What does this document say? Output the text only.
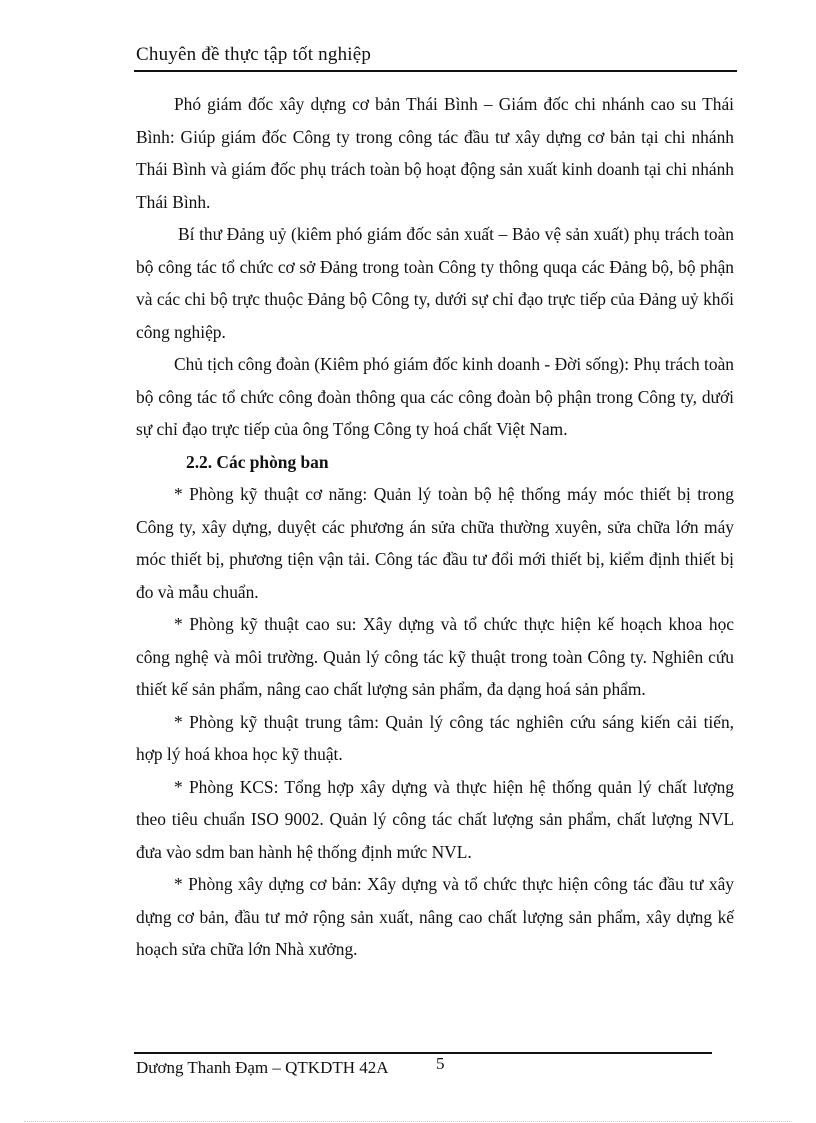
Chuyên đề thực tập tốt nghiệp

Phó giám đốc xây dựng cơ bản Thái Bình – Giám đốc chi nhánh cao su Thái Bình: Giúp giám đốc Công ty trong công tác đầu tư xây dựng cơ bản tại chi nhánh Thái Bình và giám đốc phụ trách toàn bộ hoạt động sản xuất kinh doanh tại chi nhánh Thái Bình.

Bí thư Đảng uỷ (kiêm phó giám đốc sản xuất – Bảo vệ sản xuất) phụ trách toàn bộ công tác tổ chức cơ sở Đảng trong toàn Công ty thông quqa các Đảng bộ, bộ phận và các chi bộ trực thuộc Đảng bộ Công ty, dưới sự chỉ đạo trực tiếp của Đảng uỷ khối công nghiệp.

Chủ tịch công đoàn (Kiêm phó giám đốc kinh doanh - Đời sống): Phụ trách toàn bộ công tác tổ chức công đoàn thông qua các công đoàn bộ phận trong Công ty, dưới sự chỉ đạo trực tiếp của ông Tổng Công ty hoá chất Việt Nam.

2.2. Các phòng ban

* Phòng kỹ thuật cơ năng: Quản lý toàn bộ hệ thống máy móc thiết bị trong Công ty, xây dựng, duyệt các phương án sửa chữa thường xuyên, sửa chữa lớn máy móc thiết bị, phương tiện vận tải. Công tác đầu tư đổi mới thiết bị, kiểm định thiết bị đo và mẫu chuẩn.

* Phòng kỹ thuật cao su: Xây dựng và tổ chức thực hiện kế hoạch khoa học công nghệ và môi trường. Quản lý công tác kỹ thuật trong toàn Công ty. Nghiên cứu thiết kế sản phẩm, nâng cao chất lượng sản phẩm, đa dạng hoá sản phẩm.

* Phòng kỹ thuật trung tâm: Quản lý công tác nghiên cứu sáng kiến cải tiến, hợp lý hoá khoa học kỹ thuật.

* Phòng KCS: Tổng hợp xây dựng và thực hiện hệ thống quản lý chất lượng theo tiêu chuẩn ISO 9002. Quản lý công tác chất lượng sản phẩm, chất lượng NVL đưa vào sdm ban hành hệ thống định mức NVL.

* Phòng xây dựng cơ bản: Xây dựng và tổ chức thực hiện công tác đầu tư xây dựng cơ bản, đầu tư mở rộng sản xuất, nâng cao chất lượng sản phẩm, xây dựng kế hoạch sửa chữa lớn Nhà xưởng.

Dương Thanh Đạm – QTKDTH 42A	5
